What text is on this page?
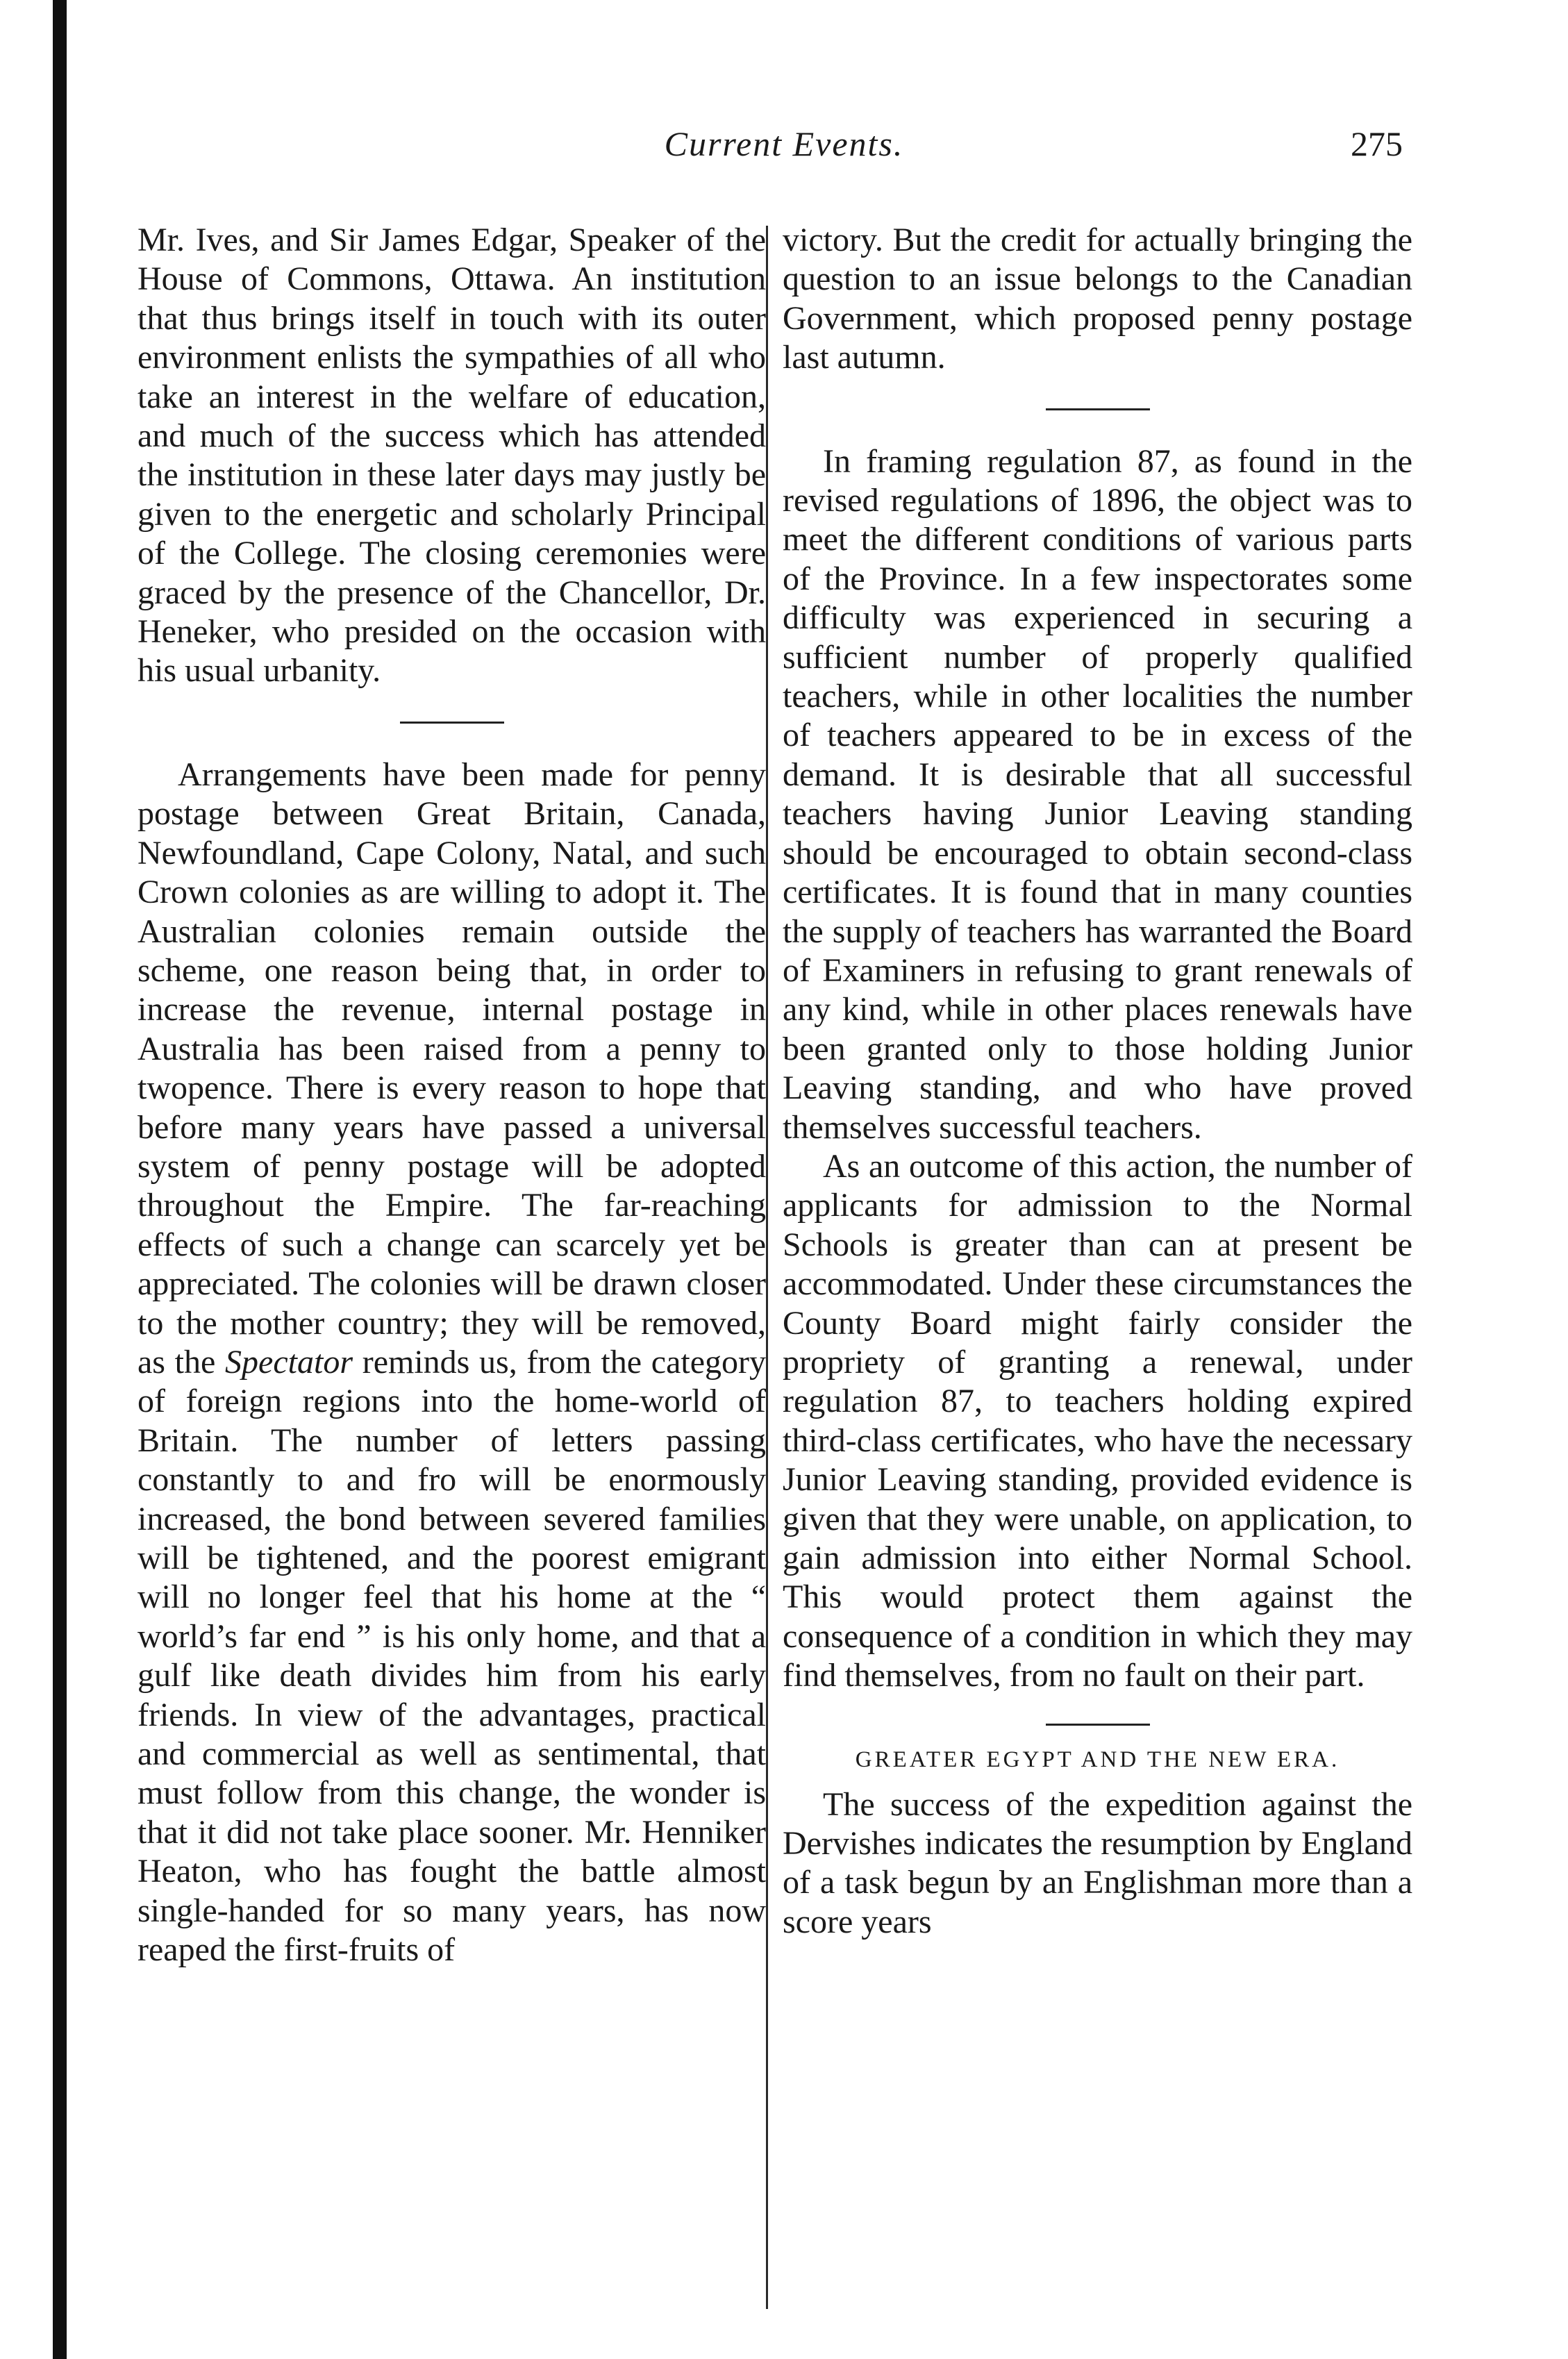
Current Events.	275

Mr. Ives, and Sir James Edgar, Speaker of the House of Commons, Ottawa. An institution that thus brings itself in touch with its outer environment enlists the sympathies of all who take an interest in the welfare of education, and much of the success which has attended the institution in these later days may justly be given to the energetic and scholarly Principal of the College. The closing ceremonies were graced by the presence of the Chancellor, Dr. Heneker, who presided on the occasion with his usual urbanity.

Arrangements have been made for penny postage between Great Britain, Canada, Newfoundland, Cape Colony, Natal, and such Crown colonies as are willing to adopt it. The Australian colonies remain outside the scheme, one reason being that, in order to increase the revenue, internal postage in Australia has been raised from a penny to twopence. There is every reason to hope that before many years have passed a universal system of penny postage will be adopted throughout the Empire. The far-reaching effects of such a change can scarcely yet be appreciated. The colonies will be drawn closer to the mother country; they will be removed, as the Spectator reminds us, from the category of foreign regions into the home-world of Britain. The number of letters passing constantly to and fro will be enormously increased, the bond between severed families will be tightened, and the poorest emigrant will no longer feel that his home at the “ world’s far end ” is his only home, and that a gulf like death divides him from his early friends. In view of the advantages, practical and commercial as well as sentimental, that must follow from this change, the wonder is that it did not take place sooner. Mr. Henniker Heaton, who has fought the battle almost single-handed for so many years, has now reaped the first-fruits of

victory. But the credit for actually bringing the question to an issue belongs to the Canadian Government, which proposed penny postage last autumn.

In framing regulation 87, as found in the revised regulations of 1896, the object was to meet the different conditions of various parts of the Province. In a few inspectorates some difficulty was experienced in securing a sufficient number of properly qualified teachers, while in other localities the number of teachers appeared to be in excess of the demand. It is desirable that all successful teachers having Junior Leaving standing should be encouraged to obtain second-class certificates. It is found that in many counties the supply of teachers has warranted the Board of Examiners in refusing to grant renewals of any kind, while in other places renewals have been granted only to those holding Junior Leaving standing, and who have proved themselves successful teachers.

As an outcome of this action, the number of applicants for admission to the Normal Schools is greater than can at present be accommodated. Under these circumstances the County Board might fairly consider the propriety of granting a renewal, under regulation 87, to teachers holding expired third-class certificates, who have the necessary Junior Leaving standing, provided evidence is given that they were unable, on application, to gain admission into either Normal School. This would protect them against the consequence of a condition in which they may find themselves, from no fault on their part.

GREATER EGYPT AND THE NEW ERA.

The success of the expedition against the Dervishes indicates the resumption by England of a task begun by an Englishman more than a score years
